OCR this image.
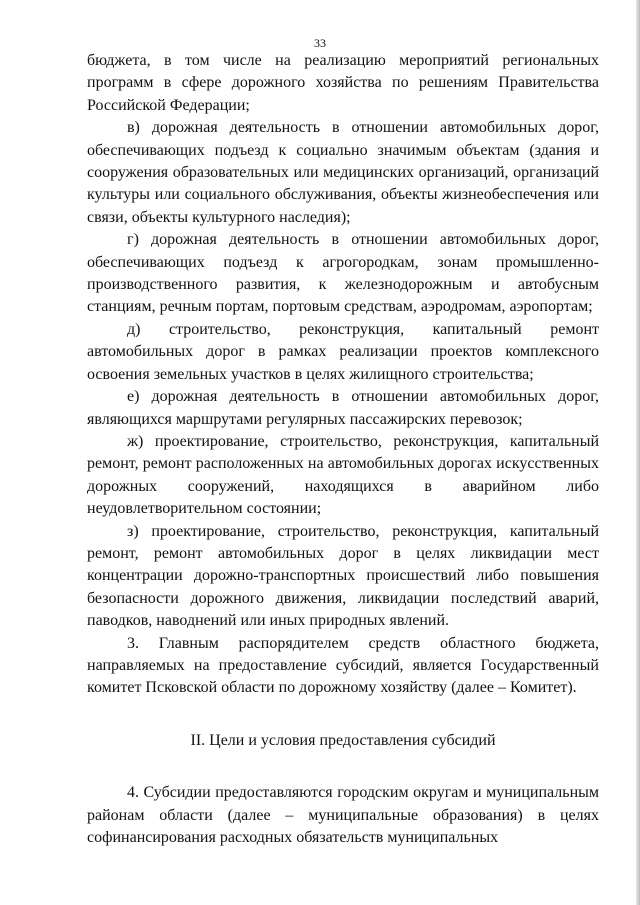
33

бюджета, в том числе на реализацию мероприятий региональных программ в сфере дорожного хозяйства по решениям Правительства Российской Федерации;

в) дорожная деятельность в отношении автомобильных дорог, обеспечивающих подъезд к социально значимым объектам (здания и сооружения образовательных или медицинских организаций, организаций культуры или социального обслуживания, объекты жизнеобеспечения или связи, объекты культурного наследия);

г) дорожная деятельность в отношении автомобильных дорог, обеспечивающих подъезд к агрогородкам, зонам промышленно-производственного развития, к железнодорожным и автобусным станциям, речным портам, портовым средствам, аэродромам, аэропортам;

д) строительство, реконструкция, капитальный ремонт автомобильных дорог в рамках реализации проектов комплексного освоения земельных участков в целях жилищного строительства;

е) дорожная деятельность в отношении автомобильных дорог, являющихся маршрутами регулярных пассажирских перевозок;

ж) проектирование, строительство, реконструкция, капитальный ремонт, ремонт расположенных на автомобильных дорогах искусственных дорожных сооружений, находящихся в аварийном либо неудовлетворительном состоянии;

з) проектирование, строительство, реконструкция, капитальный ремонт, ремонт автомобильных дорог в целях ликвидации мест концентрации дорожно-транспортных происшествий либо повышения безопасности дорожного движения, ликвидации последствий аварий, паводков, наводнений или иных природных явлений.

3. Главным распорядителем средств областного бюджета, направляемых на предоставление субсидий, является Государственный комитет Псковской области по дорожному хозяйству (далее – Комитет).

II. Цели и условия предоставления субсидий

4. Субсидии предоставляются городским округам и муниципальным районам области (далее – муниципальные образования) в целях софинансирования расходных обязательств муниципальных
